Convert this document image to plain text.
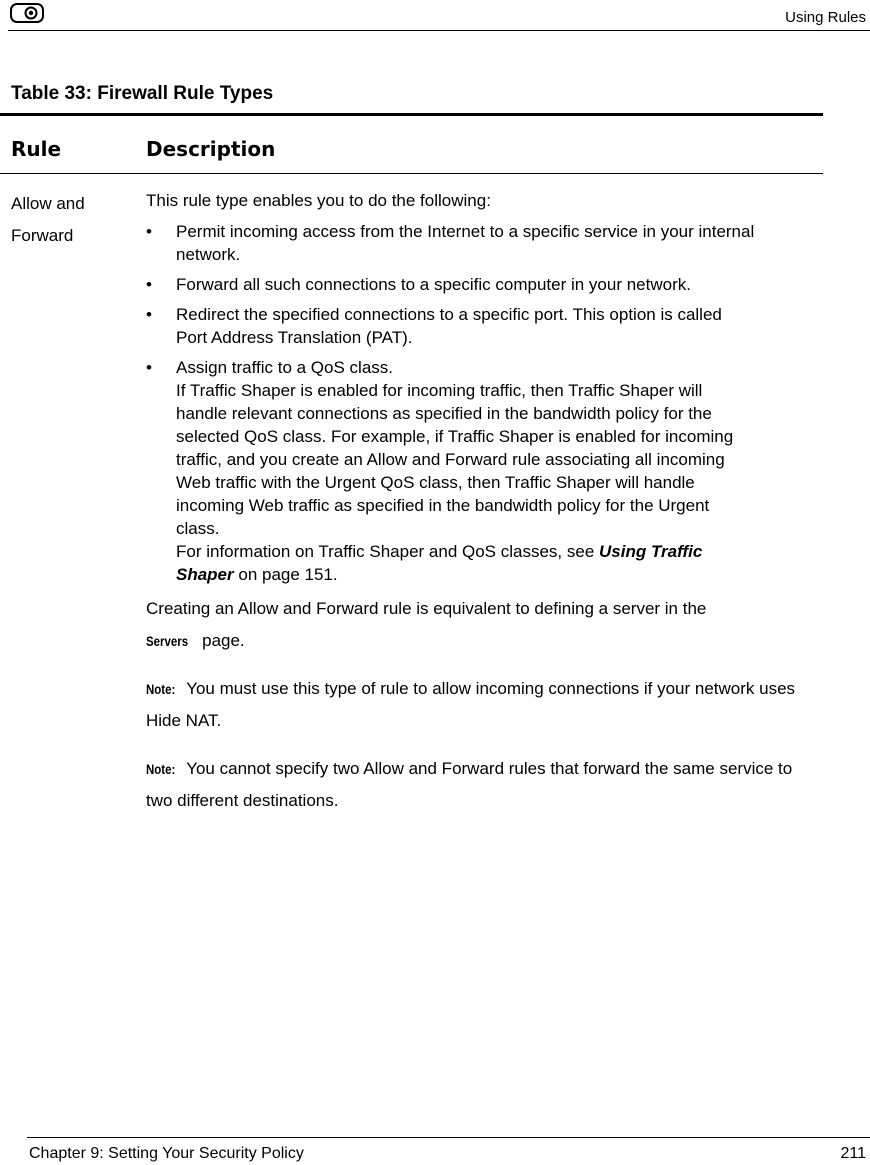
Using Rules
Table 33: Firewall Rule Types
Rule	Description
Allow and
Forward

This rule type enables you to do the following:

• Permit incoming access from the Internet to a specific service in your internal network.
• Forward all such connections to a specific computer in your network.
• Redirect the specified connections to a specific port. This option is called Port Address Translation (PAT).
• Assign traffic to a QoS class.
If Traffic Shaper is enabled for incoming traffic, then Traffic Shaper will handle relevant connections as specified in the bandwidth policy for the selected QoS class. For example, if Traffic Shaper is enabled for incoming traffic, and you create an Allow and Forward rule associating all incoming Web traffic with the Urgent QoS class, then Traffic Shaper will handle incoming Web traffic as specified in the bandwidth policy for the Urgent class.
For information on Traffic Shaper and QoS classes, see Using Traffic Shaper on page 151.

Creating an Allow and Forward rule is equivalent to defining a server in the
Servers page.

Note: You must use this type of rule to allow incoming connections if your network uses Hide NAT.

Note: You cannot specify two Allow and Forward rules that forward the same service to two different destinations.

Chapter 9: Setting Your Security Policy	211
